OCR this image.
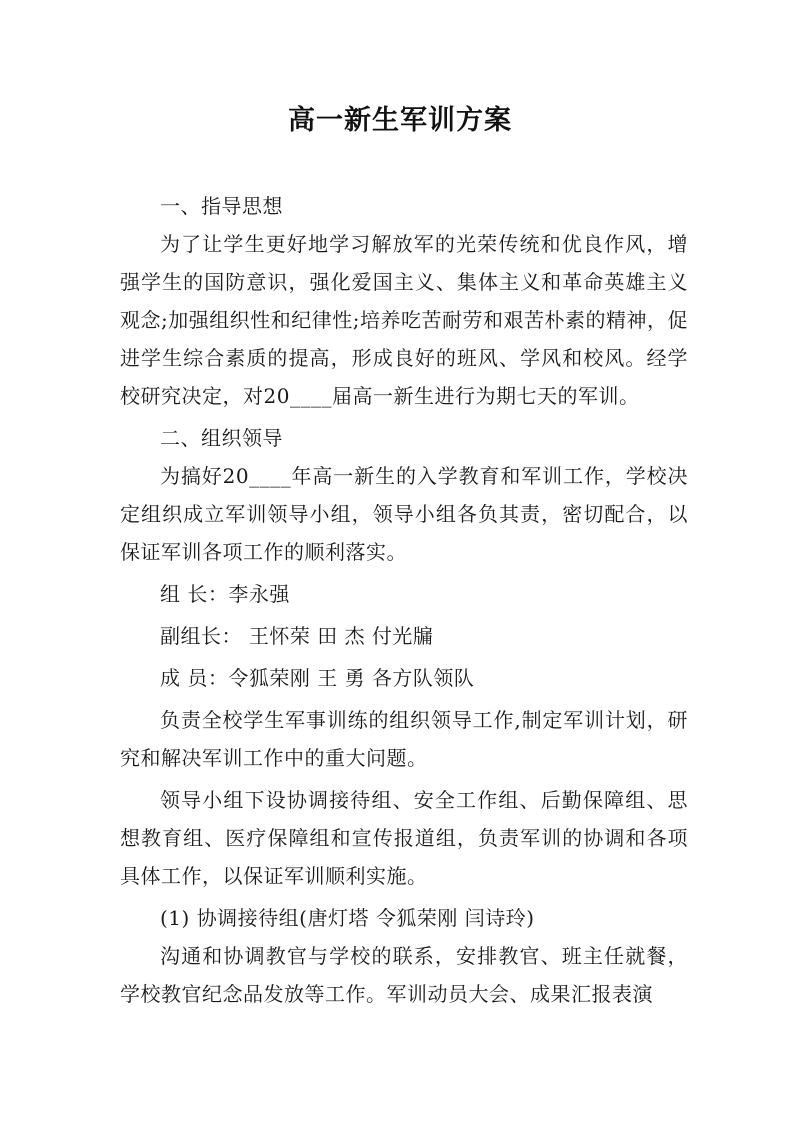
高一新生军训方案

一、指导思想

为了让学生更好地学习解放军的光荣传统和优良作风，增强学生的国防意识，强化爱国主义、集体主义和革命英雄主义观念;加强组织性和纪律性;培养吃苦耐劳和艰苦朴素的精神，促进学生综合素质的提高，形成良好的班风、学风和校风。经学校研究决定，对20____届高一新生进行为期七天的军训。

二、组织领导

为搞好20____年高一新生的入学教育和军训工作，学校决定组织成立军训领导小组，领导小组各负其责，密切配合，以保证军训各项工作的顺利落实。

组 长：李永强

副组长： 王怀荣 田 杰 付光牖

成 员：令狐荣刚 王 勇 各方队领队

负责全校学生军事训练的组织领导工作,制定军训计划，研究和解决军训工作中的重大问题。

领导小组下设协调接待组、安全工作组、后勤保障组、思想教育组、医疗保障组和宣传报道组，负责军训的协调和各项具体工作，以保证军训顺利实施。

(1) 协调接待组(唐灯塔 令狐荣刚 闫诗玲)

沟通和协调教官与学校的联系，安排教官、班主任就餐，学校教官纪念品发放等工作。军训动员大会、成果汇报表演
